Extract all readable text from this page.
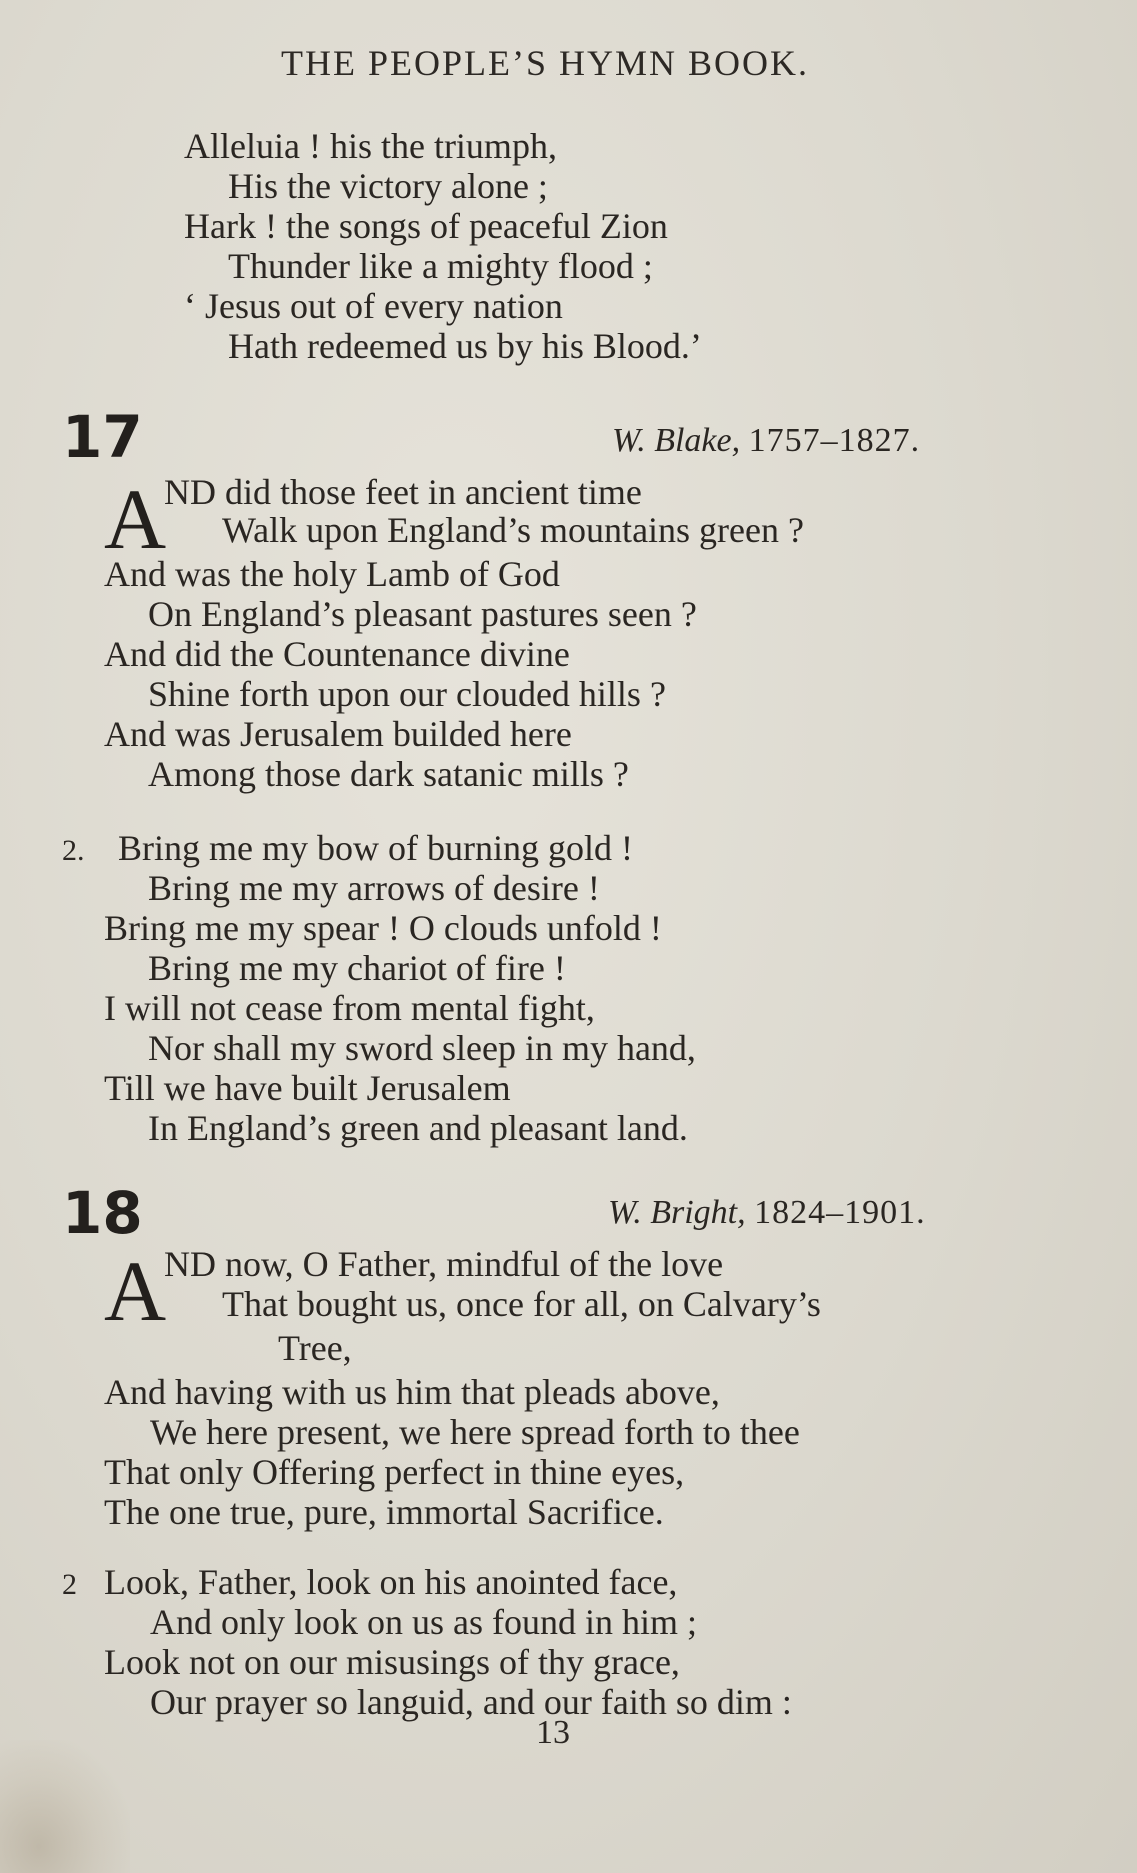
THE PEOPLE’S HYMN BOOK.
Alleluia ! his the triumph,
His the victory alone ;
Hark ! the songs of peaceful Zion
Thunder like a mighty flood ;
‘ Jesus out of every nation
Hath redeemed us by his Blood.’
17	W. Blake, 1757–1827.
A
ND did those feet in ancient time
Walk upon England’s mountains green ?
And was the holy Lamb of God
On England’s pleasant pastures seen ?
And did the Countenance divine
Shine forth upon our clouded hills ?
And was Jerusalem builded here
Among those dark satanic mills ?
2. Bring me my bow of burning gold !
Bring me my arrows of desire !
Bring me my spear ! O clouds unfold !
Bring me my chariot of fire !
I will not cease from mental fight,
Nor shall my sword sleep in my hand,
Till we have built Jerusalem
In England’s green and pleasant land.
18	W. Bright, 1824–1901.
A
ND now, O Father, mindful of the love
That bought us, once for all, on Calvary’s
Tree,
And having with us him that pleads above,
We here present, we here spread forth to thee
That only Offering perfect in thine eyes,
The one true, pure, immortal Sacrifice.
2 Look, Father, look on his anointed face,
And only look on us as found in him ;
Look not on our misusings of thy grace,
Our prayer so languid, and our faith so dim :
13
